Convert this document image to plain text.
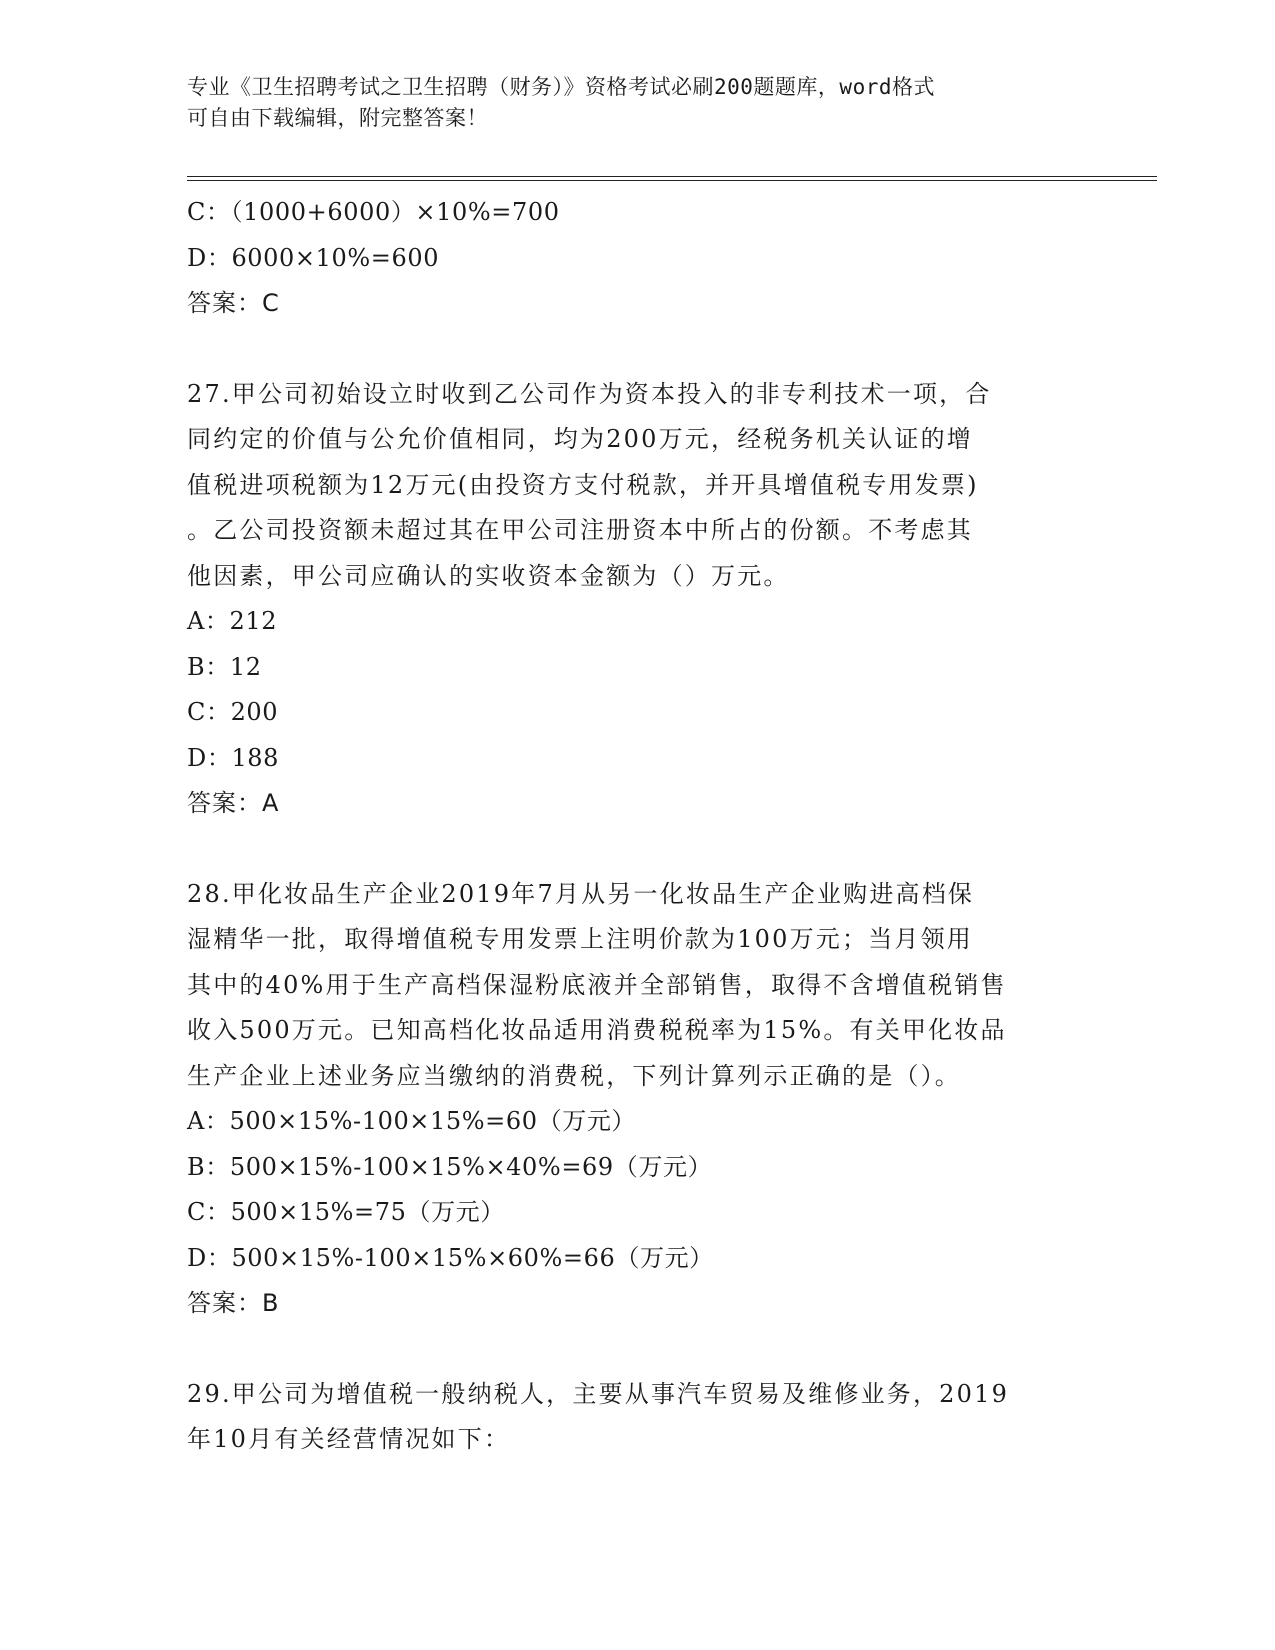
专业《卫生招聘考试之卫生招聘（财务）》资格考试必刷200题题库，word格式
可自由下载编辑，附完整答案！
C：（1000+6000）×10%=700
D：6000×10%=600
答案：C
27.甲公司初始设立时收到乙公司作为资本投入的非专利技术一项，合
同约定的价值与公允价值相同，均为200万元，经税务机关认证的增
值税进项税额为12万元(由投资方支付税款，并开具增值税专用发票)
。乙公司投资额未超过其在甲公司注册资本中所占的份额。不考虑其
他因素，甲公司应确认的实收资本金额为（）万元。
A：212
B：12
C：200
D：188
答案：A
28.甲化妆品生产企业2019年7月从另一化妆品生产企业购进高档保
湿精华一批，取得增值税专用发票上注明价款为100万元；当月领用
其中的40%用于生产高档保湿粉底液并全部销售，取得不含增值税销售
收入500万元。已知高档化妆品适用消费税税率为15%。有关甲化妆品
生产企业上述业务应当缴纳的消费税，下列计算列示正确的是（）。
A：500×15%-100×15%=60（万元）
B：500×15%-100×15%×40%=69（万元）
C：500×15%=75（万元）
D：500×15%-100×15%×60%=66（万元）
答案：B
29.甲公司为增值税一般纳税人，主要从事汽车贸易及维修业务，2019
年10月有关经营情况如下：
